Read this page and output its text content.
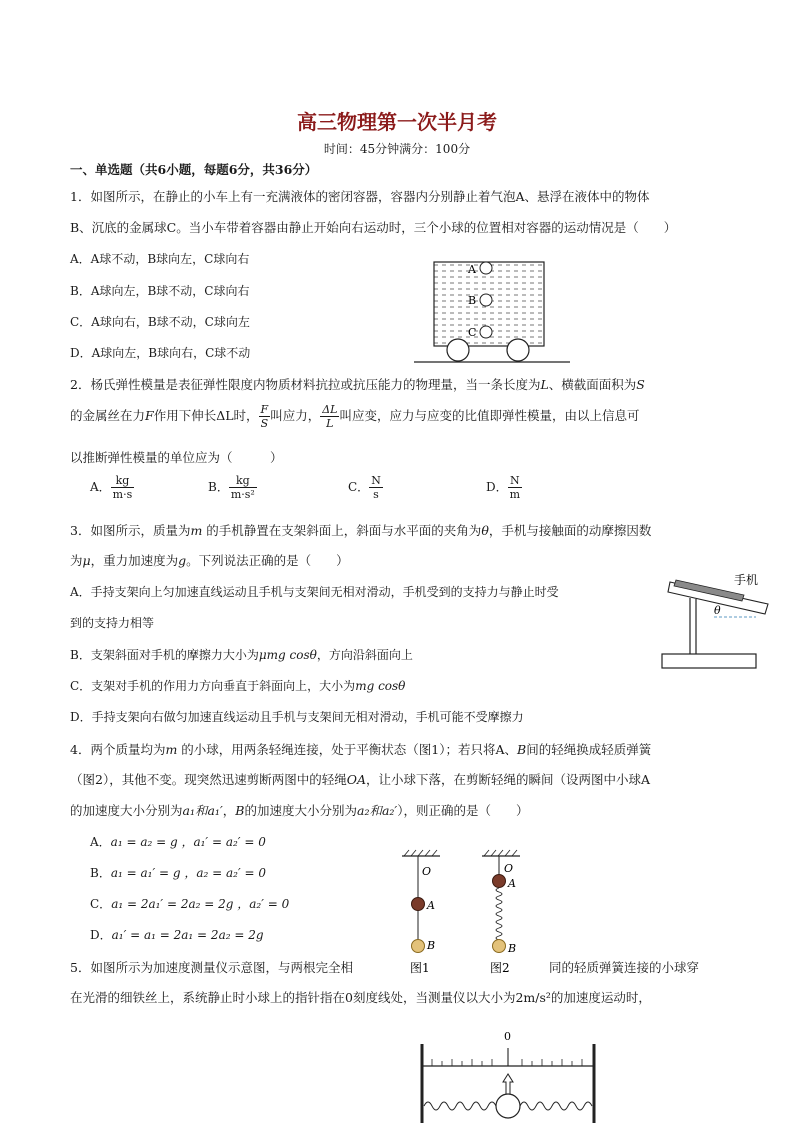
高三物理第一次半月考
时间：45分钟满分：100分
一、单选题（共6小题，每题6分，共36分）
1．如图所示，在静止的小车上有一充满液体的密闭容器，容器内分别静止着气泡A、悬浮在液体中的物体
B、沉底的金属球C。当小车带着容器由静止开始向右运动时，三个小球的位置相对容器的运动情况是（　　）
A．A球不动，B球向左，C球向右
B．A球向左，B球不动，C球向右
C．A球向右，B球不动，C球向左
D．A球向左，B球向右，C球不动
A
B
C
2．杨氏弹性模量是表征弹性限度内物质材料抗拉或抗压能力的物理量，当一条长度为L、横截面面积为S
的金属丝在力F作用下伸长ΔL时， $\frac{F}{S}$ 叫应力， $\frac{\Delta L}{L}$ 叫应变，应力与应变的比值即弹性模量，由以上信息可
以推断弹性模量的单位应为（　　　）
A． $\frac{kg}{m\cdot s}$	B． $\frac{kg}{\text{m·s²}}$	C． $\frac{N}{s}$	D． $\frac{N}{m}$
3．如图所示，质量为m 的手机静置在支架斜面上，斜面与水平面的夹角为θ，手机与接触面的动摩擦因数
为μ，重力加速度为g。下列说法正确的是（　　）
A．手持支架向上匀加速直线运动且手机与支架间无相对滑动，手机受到的支持力与静止时受
到的支持力相等
B．支架斜面对手机的摩擦力大小为μmg cosθ，方向沿斜面向上
C．支架对手机的作用力方向垂直于斜面向上，大小为mg cosθ
D．手持支架向右做匀加速直线运动且手机与支架间无相对滑动，手机可能不受摩擦力
手机
θ
4．两个质量均为m 的小球，用两条轻绳连接，处于平衡状态（图1）；若只将A、B间的轻绳换成轻质弹簧
（图2），其他不变。现突然迅速剪断两图中的轻绳OA，让小球下落，在剪断轻绳的瞬间（设两图中小球A
的加速度大小分别为a₁和a₁′，B的加速度大小分别为a₂和a₂′），则正确的是（　　）
A．a₁ = a₂ = g ，a₁′ = a₂′ = 0
B．a₁ = a₁′ = g ，a₂ = a₂′ = 0
C．a₁ = 2a₁′ = 2a₂ = 2g ，a₂′ = 0
D．a₁′ = a₁ = 2a₁ = 2a₂ = 2g
O
A
B
图1
O
A
B
图2
5．如图所示为加速度测量仪示意图，与两根完全相	同的轻质弹簧连接的小球穿
在光滑的细铁丝上，系统静止时小球上的指针指在0刻度线处，当测量仪以大小为2m/s²的加速度运动时，
0
